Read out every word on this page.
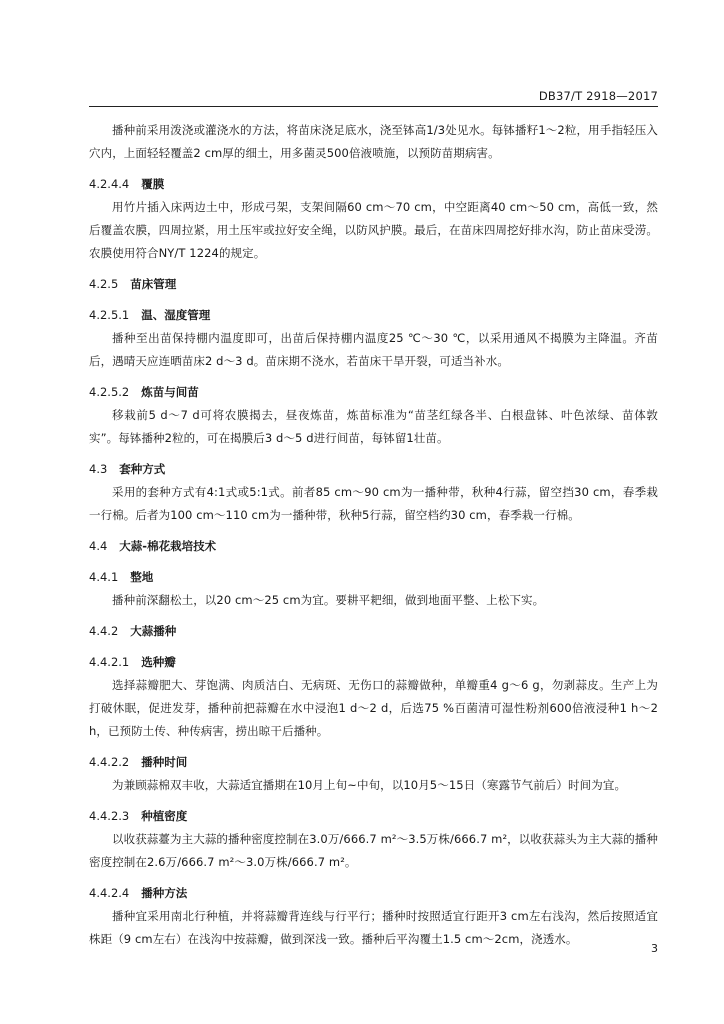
DB37/T 2918—2017

播种前采用泼浇或灌浇水的方法，将苗床浇足底水，浇至钵高1/3处见水。每钵播籽1～2粒，用手指轻压入穴内，上面轻轻覆盖2 cm厚的细土，用多菌灵500倍液喷施，以预防苗期病害。

4.2.4.4 覆膜

用竹片插入床两边土中，形成弓架，支架间隔60 cm～70 cm，中空距离40 cm～50 cm，高低一致，然后覆盖农膜，四周拉紧，用土压牢或拉好安全绳，以防风护膜。最后，在苗床四周挖好排水沟，防止苗床受涝。农膜使用符合NY/T 1224的规定。

4.2.5 苗床管理
4.2.5.1 温、湿度管理

播种至出苗保持棚内温度即可，出苗后保持棚内温度25 ℃～30 ℃，以采用通风不揭膜为主降温。齐苗后，遇晴天应连晒苗床2 d～3 d。苗床期不浇水，若苗床干旱开裂，可适当补水。

4.2.5.2 炼苗与间苗

移栽前5 d～7 d可将农膜揭去，昼夜炼苗，炼苗标准为“苗茎红绿各半、白根盘钵、叶色浓绿、苗体敦实”。每钵播种2粒的，可在揭膜后3 d～5 d进行间苗，每钵留1壮苗。

4.3 套种方式

采用的套种方式有4:1式或5:1式。前者85 cm～90 cm为一播种带，秋种4行蒜，留空挡30 cm，春季栽一行棉。后者为100 cm～110 cm为一播种带，秋种5行蒜，留空档约30 cm，春季栽一行棉。

4.4 大蒜-棉花栽培技术
4.4.1 整地

播种前深翻松土，以20 cm～25 cm为宜。要耕平耙细，做到地面平整、上松下实。

4.4.2 大蒜播种
4.4.2.1 选种瓣

选择蒜瓣肥大、芽饱满、肉质洁白、无病斑、无伤口的蒜瓣做种，单瓣重4 g～6 g，勿剥蒜皮。生产上为打破休眠，促进发芽，播种前把蒜瓣在水中浸泡1 d～2 d，后选75 %百菌清可湿性粉剂600倍液浸种1 h～2 h，已预防土传、种传病害，捞出晾干后播种。

4.4.2.2 播种时间

为兼顾蒜棉双丰收，大蒜适宜播期在10月上旬~中旬，以10月5～15日（寒露节气前后）时间为宜。

4.4.2.3 种植密度

以收获蒜薹为主大蒜的播种密度控制在3.0万/666.7 m²～3.5万株/666.7 m²，以收获蒜头为主大蒜的播种密度控制在2.6万/666.7 m²～3.0万株/666.7 m²。

4.4.2.4 播种方法

播种宜采用南北行种植，并将蒜瓣背连线与行平行；播种时按照适宜行距开3 cm左右浅沟，然后按照适宜株距（9 cm左右）在浅沟中按蒜瓣，做到深浅一致。播种后平沟覆土1.5 cm～2cm，浇透水。

3
